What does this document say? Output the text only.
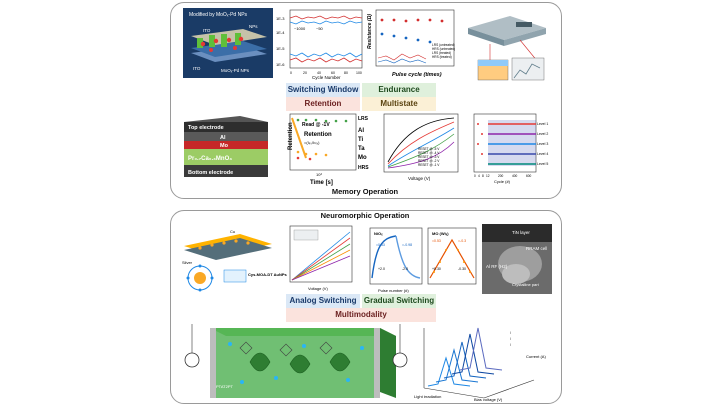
Modified by MoOₓ-Pd NPs
ITO
ITO	MoOₓ-Pd NPs
NPs
1E-3
1E-4
1E-5
1E-6
~1000	~50
0	20	40	60	80 100
Cycle Number
Resistance (Ω)	LRS (untreated)
HRS (untreated)
LRS (treated)
HRS (treated)
Pulse cycle (times)
Switching Window	Endurance
Retention	Multistate
Top electrode
Al
Mo
Pr₀.₇Ca₀.₃MnO₃
Bottom electrode
Read @ -1V
Retention
=(Iₗᵣₛ/Iₕᵣₛ)
LRS
Al
Ti
Ta
Mo
HRS
Retention
10³
Time [s]
RESET @ -5 V
RESET @ -4 V
RESET @ -3 V
RESET @ -2 V
RESET @ -1 V
Voltage (V)
Level 1
Level 2
Level 3
Level 4
Level 5
0 4 8 12	200	400	600
Cycle (#)
Memory Operation
Neuromorphic Operation
Silver
Cu
Cys-MOA-DT AuNPs
Voltage (V)
NiOₓ
=0.33	=-0.98
+2.0	-2.0
Pulse number (#)
MO (Wiₓ)
=0.53	=-0.3
+0.30	-0.30
TiN layer
RRAM cell
Al RF (H2)
Crystalline part
Analog Switching Gradual Switching
Multimodality
PTAT2PT
I
I
I
Bias voltage (V)
Current (A)
Light irradiation
